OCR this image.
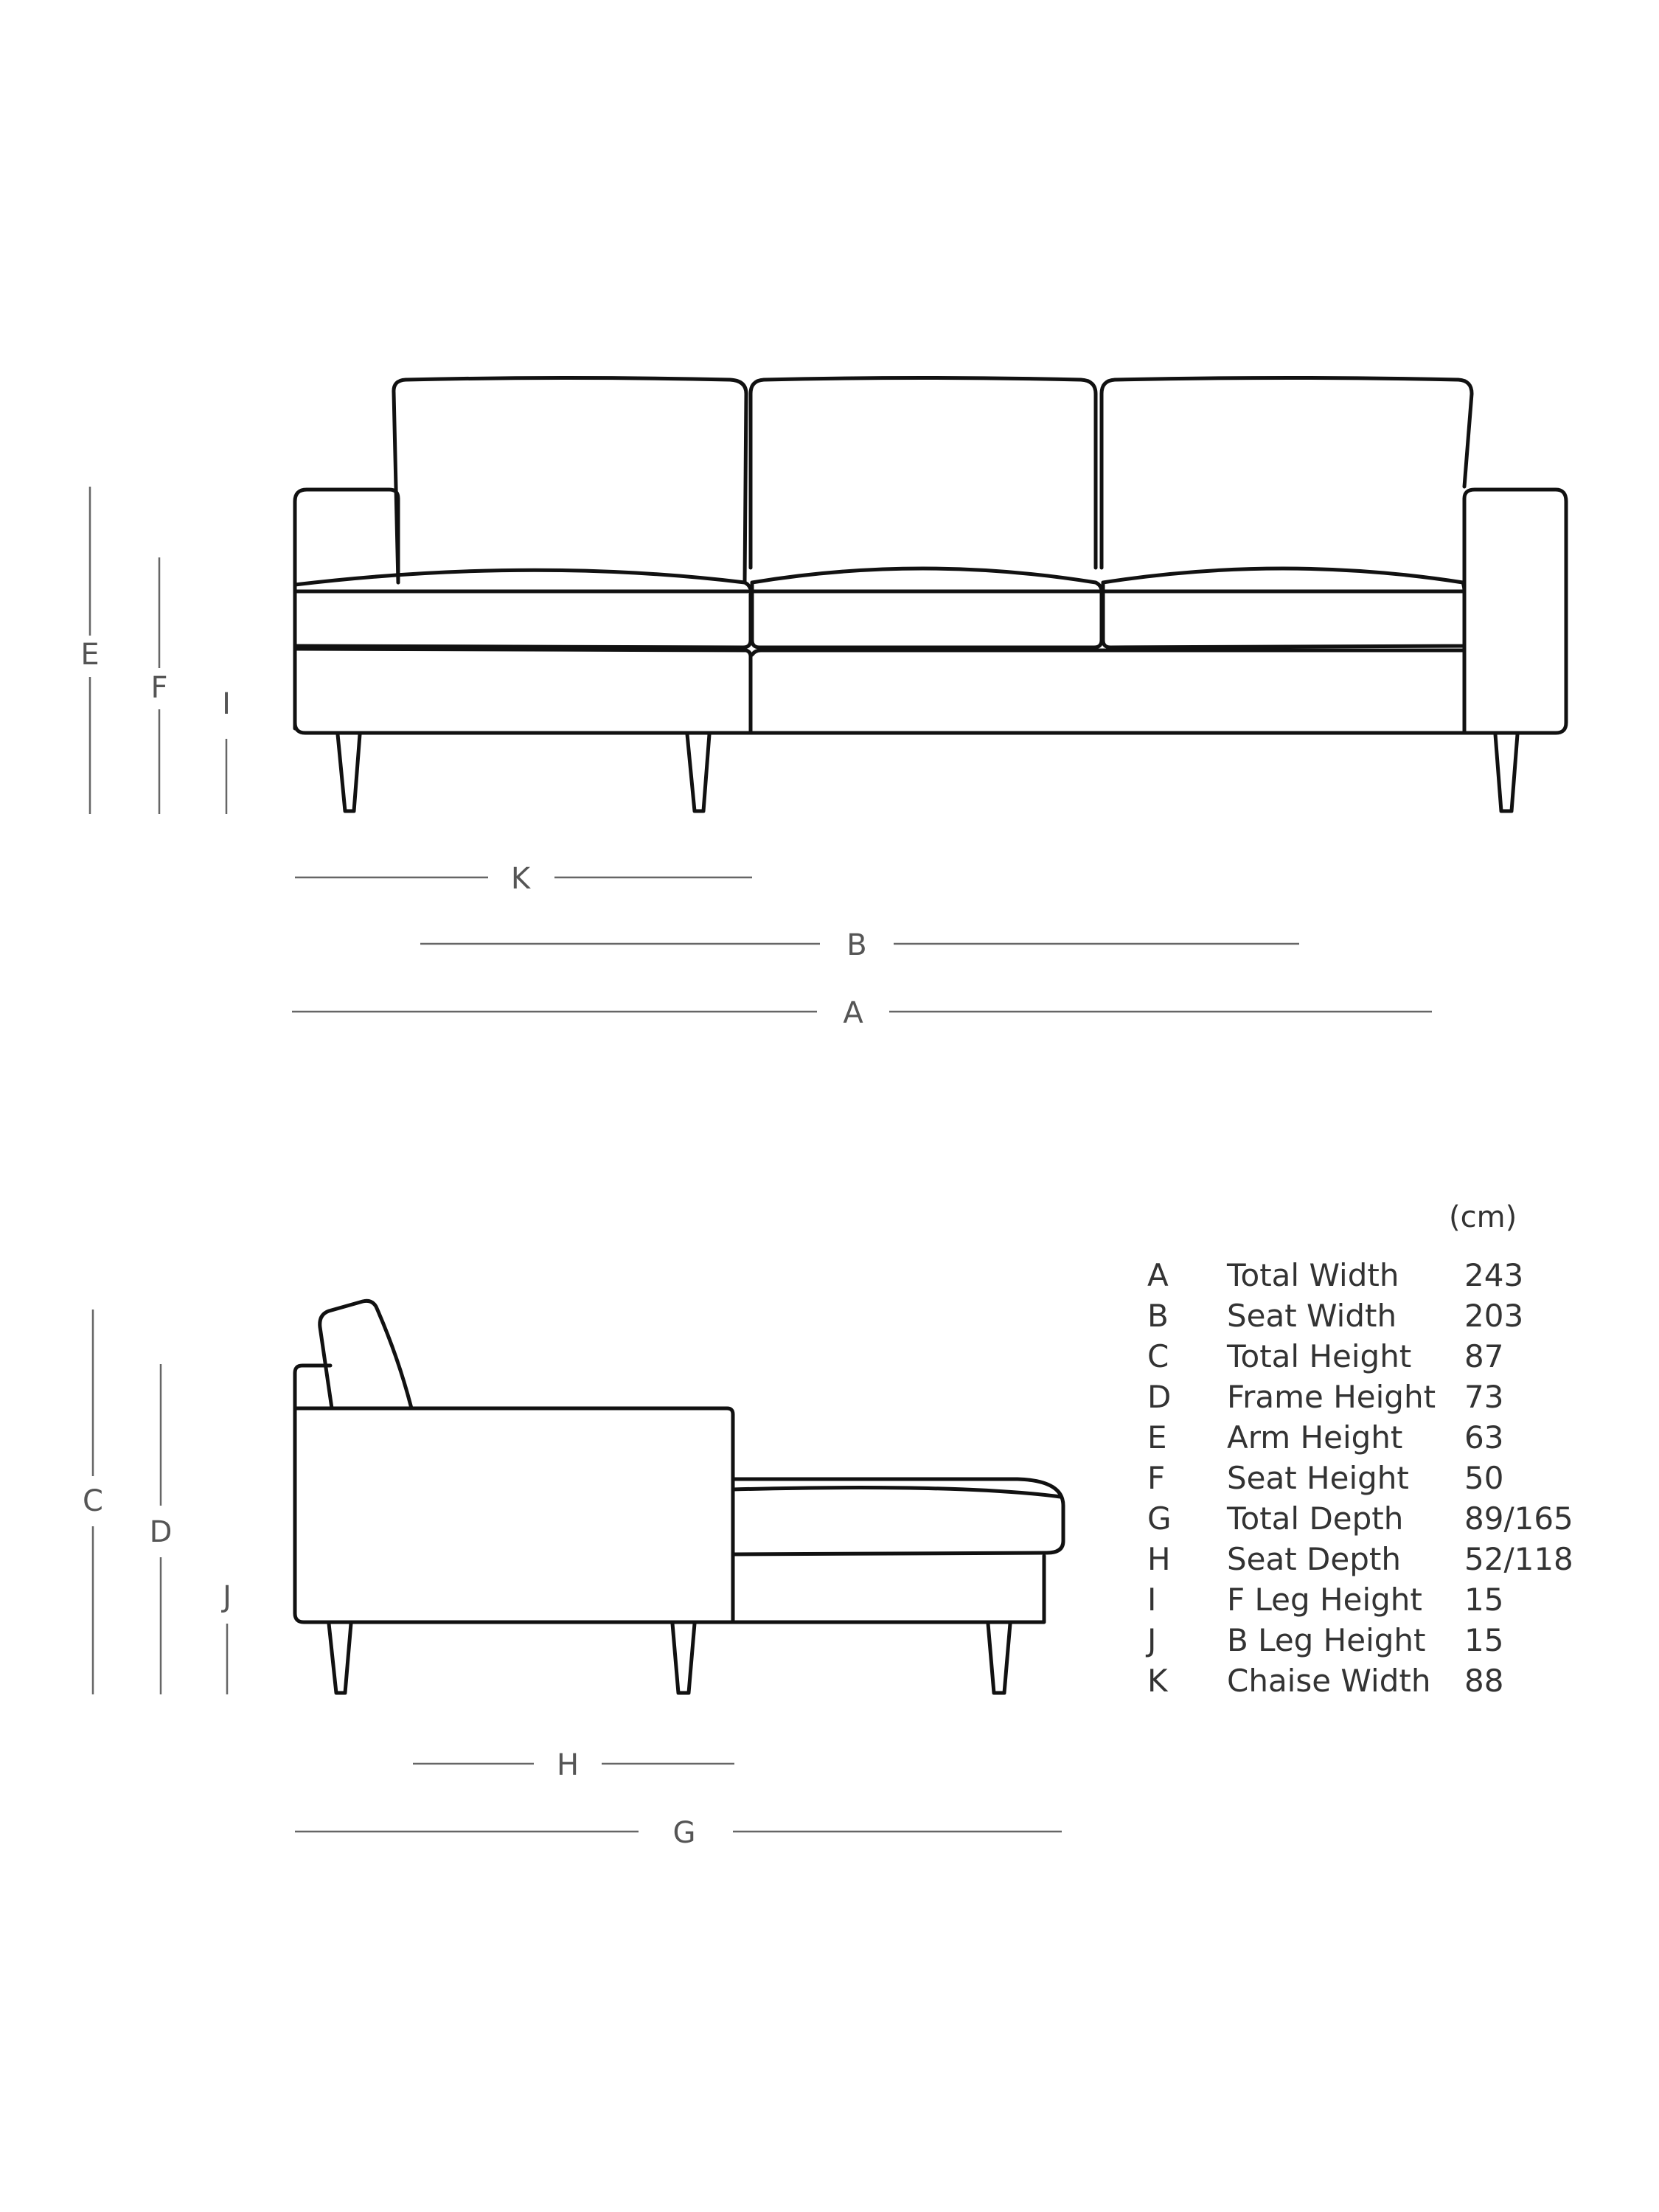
E
F I
K
B
A
C
D
J
H
G
(cm)
A Total Width 243
B Seat Width 203
C Total Height 87
D Frame Height 73
E Arm Height 63
F Seat Height 50
G Total Depth 89/165
H Seat Depth 52/118
I F Leg Height 15
J B Leg Height 15
K Chaise Width 88
